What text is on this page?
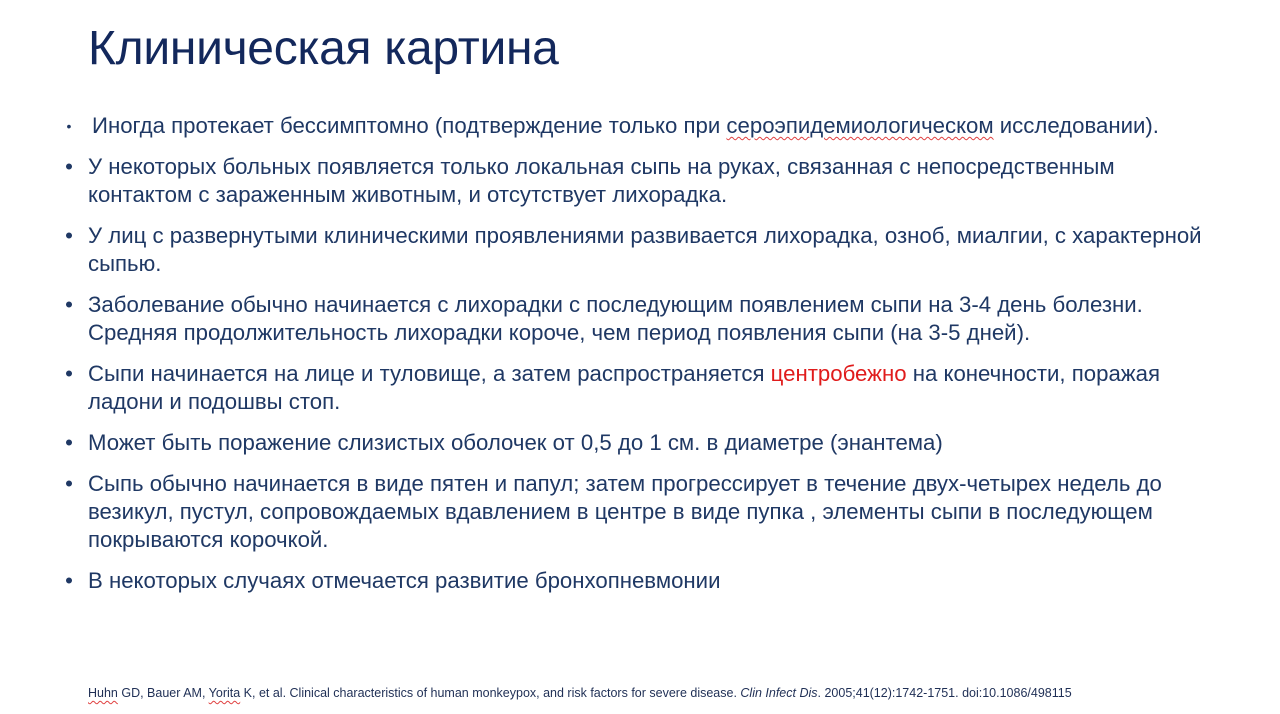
Клиническая картина
• Иногда протекает бессимптомно (подтверждение только при сероэпидемиологическом исследовании).
• У некоторых больных появляется только локальная сыпь на руках, связанная с непосредственным контактом с зараженным животным, и отсутствует лихорадка.
• У лиц с развернутыми клиническими проявлениями развивается лихорадка, озноб, миалгии, с характерной сыпью.
• Заболевание обычно начинается с лихорадки с последующим появлением сыпи на 3-4 день болезни. Средняя продолжительность лихорадки короче, чем период появления сыпи (на 3-5 дней).
• Сыпи начинается на лице и туловище, а затем распространяется центробежно на конечности, поражая ладони и подошвы стоп.
• Может быть поражение слизистых оболочек от 0,5 до 1 см. в диаметре (энантема)
• Сыпь обычно начинается в виде пятен и папул; затем прогрессирует в течение двух-четырех недель до везикул, пустул, сопровождаемых вдавлением в центре в виде пупка , элементы сыпи в последующем покрываются корочкой.
• В некоторых случаях отмечается развитие бронхопневмонии
Huhn GD, Bauer AM, Yorita K, et al. Clinical characteristics of human monkeypox, and risk factors for severe disease. Clin Infect Dis. 2005;41(12):1742-1751. doi:10.1086/498115
